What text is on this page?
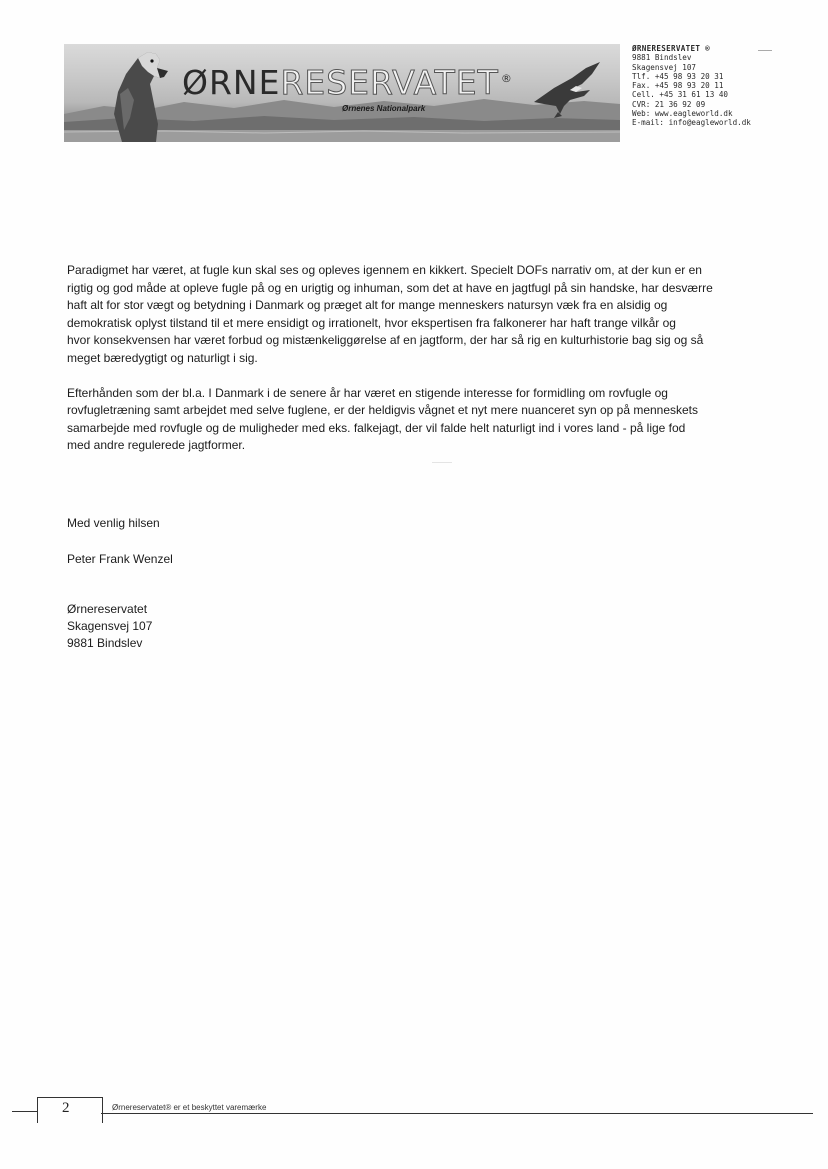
ØRNERESERVATET ®
Ørnenes Nationalpark
ØRNERESERVATET ®
9881 Bindslev
Skagensvej 107
Tlf. +45 98 93 20 31
Fax. +45 98 93 20 11
Cell. +45 31 61 13 40
CVR: 21 36 92 09
Web: www.eagleworld.dk
E-mail: info@eagleworld.dk
Paradigmet har været, at fugle kun skal ses og opleves igennem en kikkert. Specielt DOFs narrativ om, at der kun er en
rigtig og god måde at opleve fugle på og en urigtig og inhuman, som det at have en jagtfugl på sin handske, har desværre
haft alt for stor vægt og betydning i Danmark og præget alt for mange menneskers natursyn væk fra en alsidig og
demokratisk oplyst tilstand til et mere ensidigt og irrationelt, hvor ekspertisen fra falkonerer har haft trange vilkår og
hvor konsekvensen har været forbud og mistænkeliggørelse af en jagtform, der har så rig en kulturhistorie bag sig og så
meget bæredygtigt og naturligt i sig.
Efterhånden som der bl.a. I Danmark i de senere år har været en stigende interesse for formidling om rovfugle og
rovfugletræning samt arbejdet med selve fuglene, er der heldigvis vågnet et nyt mere nuanceret syn op på menneskets
samarbejde med rovfugle og de muligheder med eks. falkejagt, der vil falde helt naturligt ind i vores land - på lige fod
med andre regulerede jagtformer.
Med venlig hilsen
Peter Frank Wenzel
Ørnereservatet
Skagensvej 107
9881 Bindslev
2	Ørnereservatet® er et beskyttet varemærke
